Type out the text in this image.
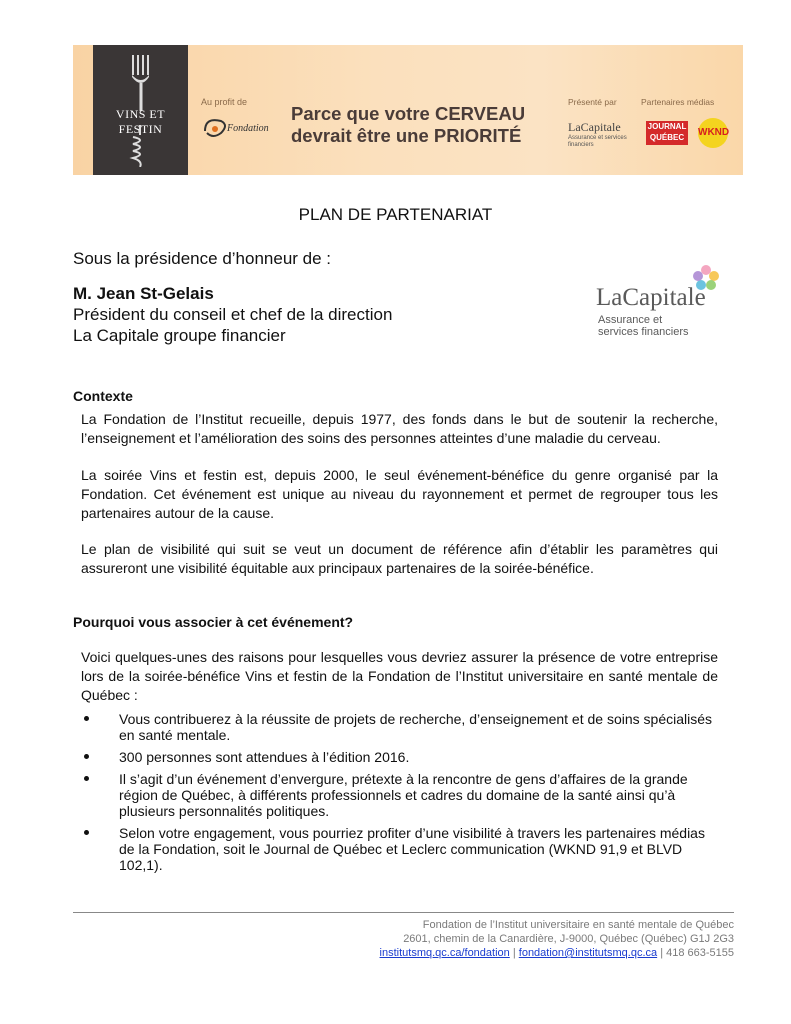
VINS ET FESTIN
Au profit de
Fondation
Parce que votre CERVEAU
devrait être une PRIORITÉ
Présenté par
LaCapitale
Assurance et services financiers
Partenaires médias
JOURNAL QUÉBEC	WKND
PLAN DE PARTENARIAT
Sous la présidence d’honneur de :
M. Jean St-Gelais
Président du conseil et chef de la direction
La Capitale groupe financier
LaCapitale
Assurance et
services financiers
Contexte
La Fondation de l’Institut recueille, depuis 1977, des fonds dans le but de soutenir la recherche, l’enseignement et l’amélioration des soins des personnes atteintes d’une maladie du cerveau.
La soirée Vins et festin est, depuis 2000, le seul événement-bénéfice du genre organisé par la Fondation. Cet événement est unique au niveau du rayonnement et permet de regrouper tous les partenaires autour de la cause.
Le plan de visibilité qui suit se veut un document de référence afin d’établir les paramètres qui assureront une visibilité équitable aux principaux partenaires de la soirée-bénéfice.
Pourquoi vous associer à cet événement?
Voici quelques-unes des raisons pour lesquelles vous devriez assurer la présence de votre entreprise lors de la soirée-bénéfice Vins et festin de la Fondation de l’Institut universitaire en santé mentale de Québec :
Vous contribuerez à la réussite de projets de recherche, d’enseignement et de soins spécialisés en santé mentale.
300 personnes sont attendues à l’édition 2016.
Il s’agit d’un événement d’envergure, prétexte à la rencontre de gens d’affaires de la grande région de Québec, à différents professionnels et cadres du domaine de la santé ainsi qu’à plusieurs personnalités politiques.
Selon votre engagement, vous pourriez profiter d’une visibilité à travers les partenaires médias de la Fondation, soit le Journal de Québec et Leclerc communication (WKND 91,9 et BLVD 102,1).
Fondation de l’Institut universitaire en santé mentale de Québec
2601, chemin de la Canardière, J-9000, Québec (Québec) G1J 2G3
institutsmq.qc.ca/fondation | fondation@institutsmq.qc.ca | 418 663-5155
